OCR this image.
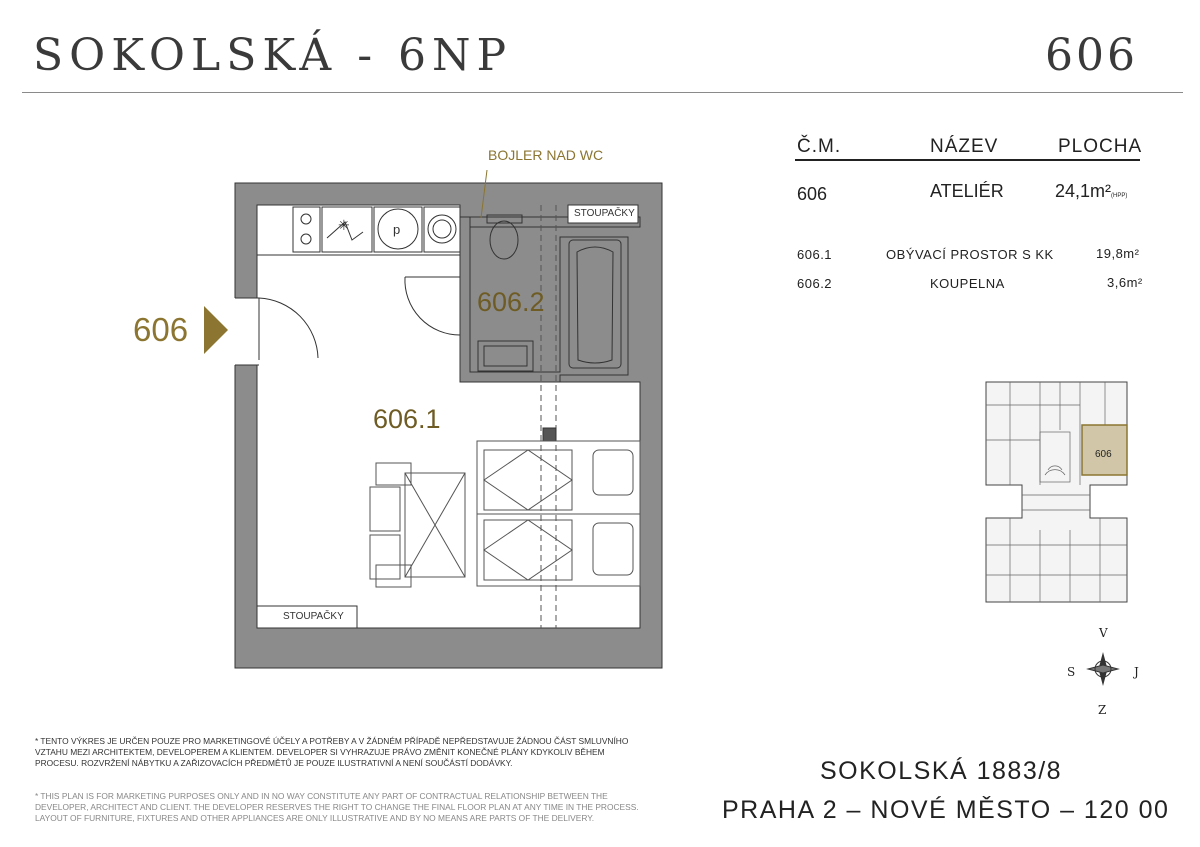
SOKOLSKÁ - 6NP	606
Č.M.	NÁZEV	PLOCHA
606	ATELIÉR	24,1m²(HPP)
606.1	OBÝVACÍ PROSTOR S KK	19,8m²
606.2	KOUPELNA	3,6m²
p
✳
606
606.1
606.2
BOJLER NAD WC
STOUPAČKY
STOUPAČKY
606
V
Z
S	J
SOKOLSKÁ 1883/8
PRAHA 2 – NOVÉ MĚSTO – 120 00
* TENTO VÝKRES JE URČEN POUZE PRO MARKETINGOVÉ ÚČELY A POTŘEBY A V ŽÁDNÉM PŘÍPADĚ NEPŘEDSTAVUJE ŽÁDNOU ČÁST SMLUVNÍHO VZTAHU MEZI ARCHITEKTEM, DEVELOPEREM A KLIENTEM. DEVELOPER SI VYHRAZUJE PRÁVO ZMĚNIT KONEČNÉ PLÁNY KDYKOLIV BĚHEM PROCESU. ROZVRŽENÍ NÁBYTKU A ZAŘIZOVACÍCH PŘEDMĚTŮ JE POUZE ILUSTRATIVNÍ A NENÍ SOUČÁSTÍ DODÁVKY.
* THIS PLAN IS FOR MARKETING PURPOSES ONLY AND IN NO WAY CONSTITUTE ANY PART OF CONTRACTUAL RELATIONSHIP BETWEEN THE DEVELOPER, ARCHITECT AND CLIENT. THE DEVELOPER RESERVES THE RIGHT TO CHANGE THE FINAL FLOOR PLAN AT ANY TIME IN THE PROCESS. LAYOUT OF FURNITURE, FIXTURES AND OTHER APPLIANCES ARE ONLY ILLUSTRATIVE AND BY NO MEANS ARE PARTS OF THE DELIVERY.
